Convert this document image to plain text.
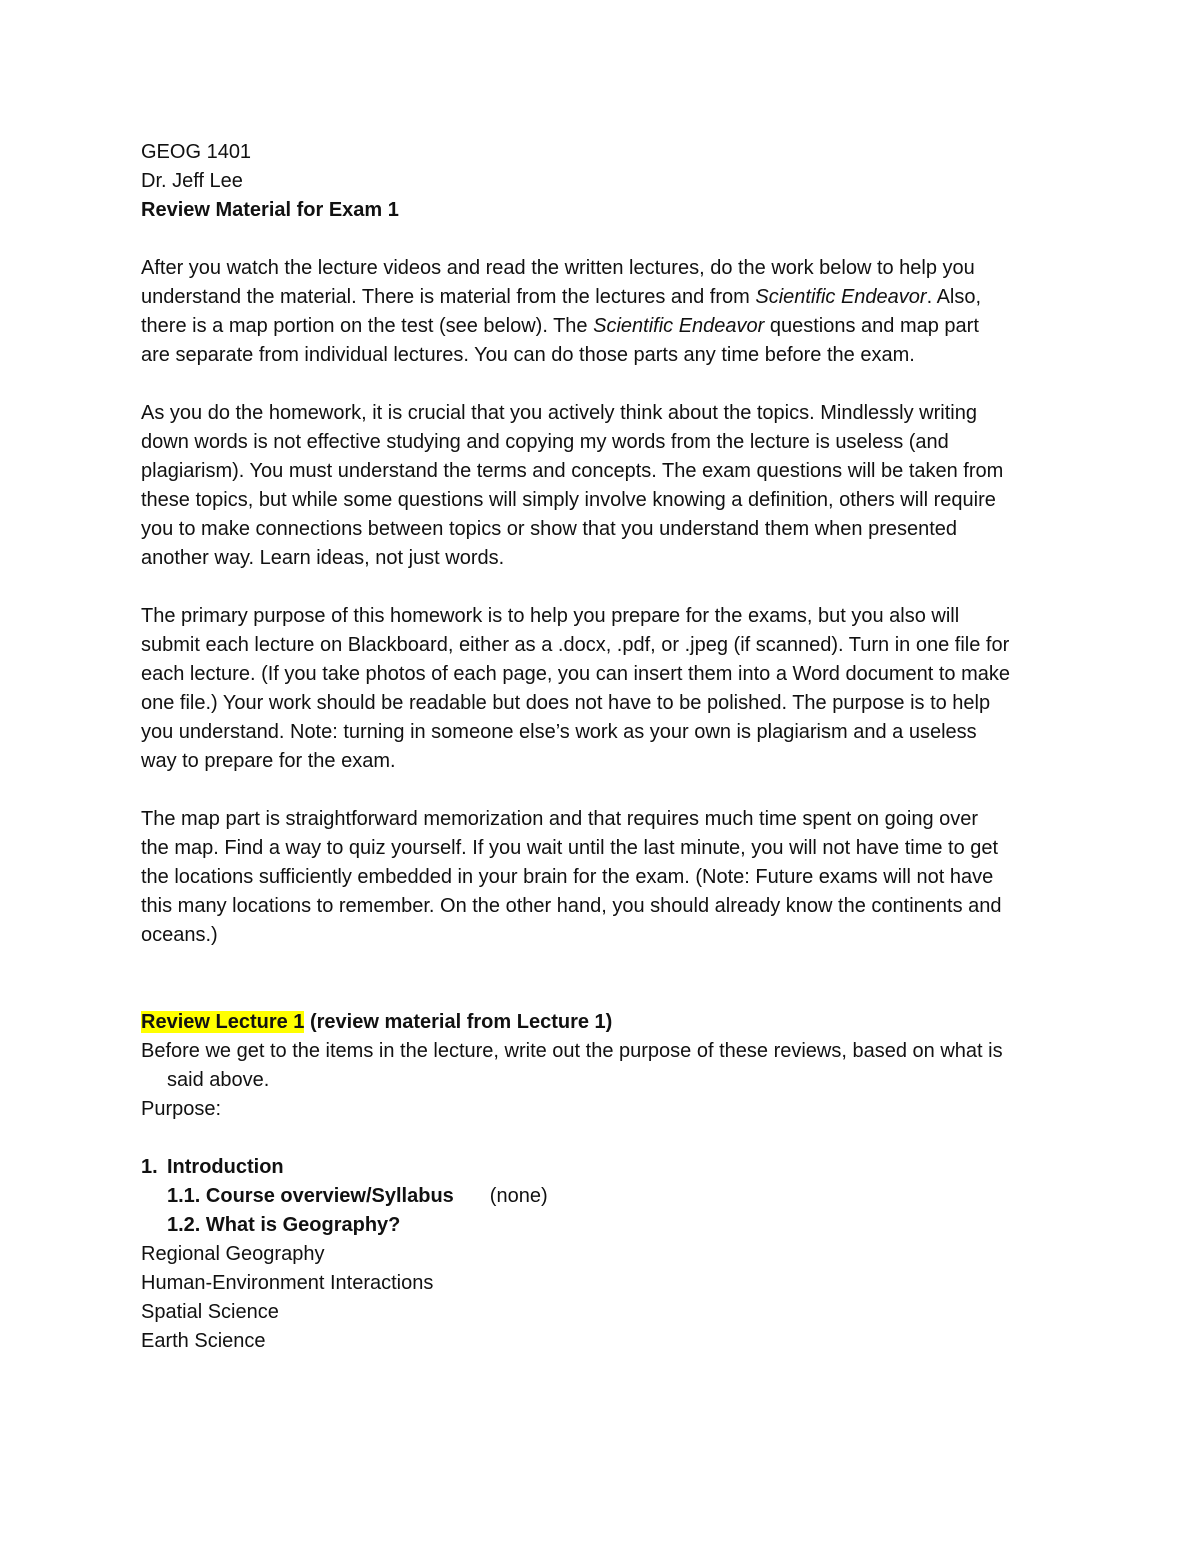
GEOG 1401
Dr. Jeff Lee
Review Material for Exam 1

After you watch the lecture videos and read the written lectures, do the work below to help you understand the material. There is material from the lectures and from Scientific Endeavor. Also, there is a map portion on the test (see below). The Scientific Endeavor questions and map part are separate from individual lectures. You can do those parts any time before the exam.

As you do the homework, it is crucial that you actively think about the topics. Mindlessly writing down words is not effective studying and copying my words from the lecture is useless (and plagiarism). You must understand the terms and concepts. The exam questions will be taken from these topics, but while some questions will simply involve knowing a definition, others will require you to make connections between topics or show that you understand them when presented another way. Learn ideas, not just words.

The primary purpose of this homework is to help you prepare for the exams, but you also will submit each lecture on Blackboard, either as a .docx, .pdf, or .jpeg (if scanned). Turn in one file for each lecture. (If you take photos of each page, you can insert them into a Word document to make one file.) Your work should be readable but does not have to be polished. The purpose is to help you understand. Note: turning in someone else’s work as your own is plagiarism and a useless way to prepare for the exam.

The map part is straightforward memorization and that requires much time spent on going over the map. Find a way to quiz yourself. If you wait until the last minute, you will not have time to get the locations sufficiently embedded in your brain for the exam. (Note: Future exams will not have this many locations to remember. On the other hand, you should already know the continents and oceans.)

Review Lecture 1 (review material from Lecture 1)

Before we get to the items in the lecture, write out the purpose of these reviews, based on what is said above.

Purpose:
1. Introduction
1.1. Course overview/Syllabus (none)
1.2. What is Geography?
Regional Geography
Human-Environment Interactions
Spatial Science
Earth Science
